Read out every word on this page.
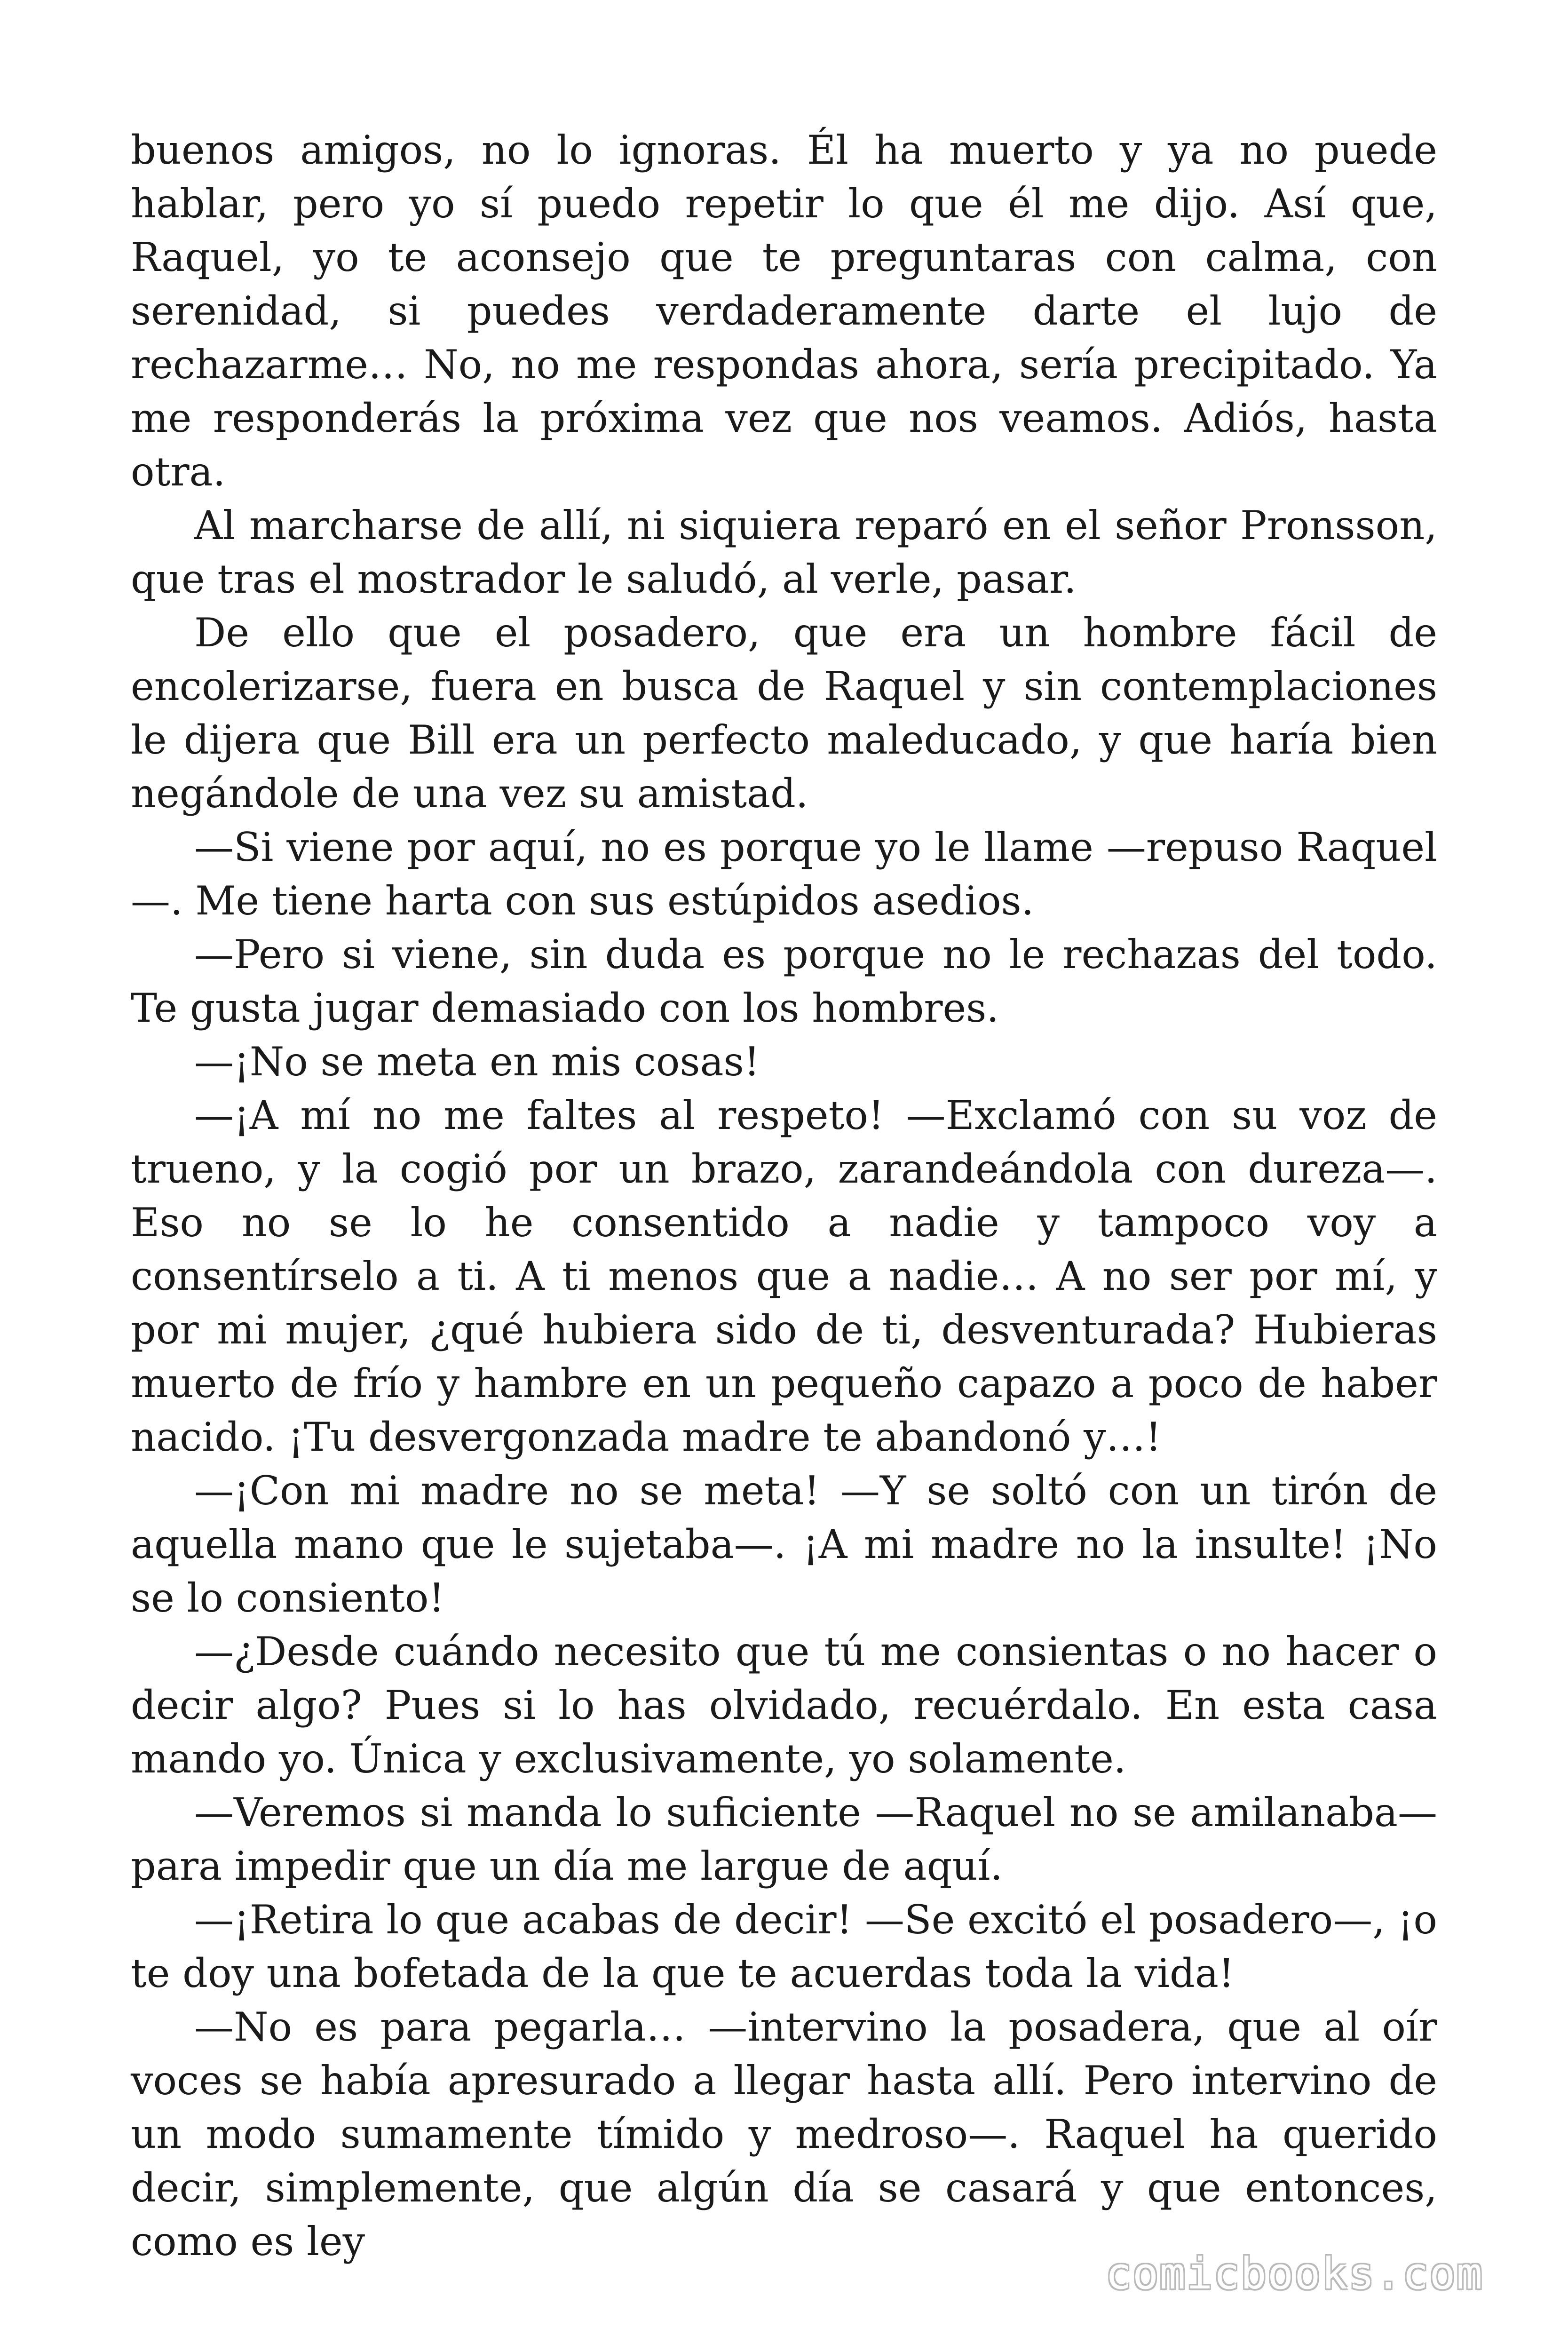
buenos amigos, no lo ignoras. Él ha muerto y ya no puede hablar, pero yo sí puedo repetir lo que él me dijo. Así que, Raquel, yo te aconsejo que te preguntaras con calma, con serenidad, si puedes verdaderamente darte el lujo de rechazarme… No, no me respondas ahora, sería precipitado. Ya me responderás la próxima vez que nos veamos. Adiós, hasta otra.

Al marcharse de allí, ni siquiera reparó en el señor Pronsson, que tras el mostrador le saludó, al verle, pasar.

De ello que el posadero, que era un hombre fácil de encolerizarse, fuera en busca de Raquel y sin contemplaciones le dijera que Bill era un perfecto maleducado, y que haría bien negándole de una vez su amistad.

—Si viene por aquí, no es porque yo le llame —repuso Raquel—. Me tiene harta con sus estúpidos asedios.

—Pero si viene, sin duda es porque no le rechazas del todo. Te gusta jugar demasiado con los hombres.

—¡No se meta en mis cosas!

—¡A mí no me faltes al respeto! —Exclamó con su voz de trueno, y la cogió por un brazo, zarandeándola con dureza—. Eso no se lo he consentido a nadie y tampoco voy a consentírselo a ti. A ti menos que a nadie… A no ser por mí, y por mi mujer, ¿qué hubiera sido de ti, desventurada? Hubieras muerto de frío y hambre en un pequeño capazo a poco de haber nacido. ¡Tu desvergonzada madre te abandonó y…!

—¡Con mi madre no se meta! —Y se soltó con un tirón de aquella mano que le sujetaba—. ¡A mi madre no la insulte! ¡No se lo consiento!

—¿Desde cuándo necesito que tú me consientas o no hacer o decir algo? Pues si lo has olvidado, recuérdalo. En esta casa mando yo. Única y exclusivamente, yo solamente.

—Veremos si manda lo suficiente —Raquel no se amilanaba— para impedir que un día me largue de aquí.

—¡Retira lo que acabas de decir! —Se excitó el posadero—, ¡o te doy una bofetada de la que te acuerdas toda la vida!

—No es para pegarla… —intervino la posadera, que al oír voces se había apresurado a llegar hasta allí. Pero intervino de un modo sumamente tímido y medroso—. Raquel ha querido decir, simplemente, que algún día se casará y que entonces, como es ley

comicbooks.com
